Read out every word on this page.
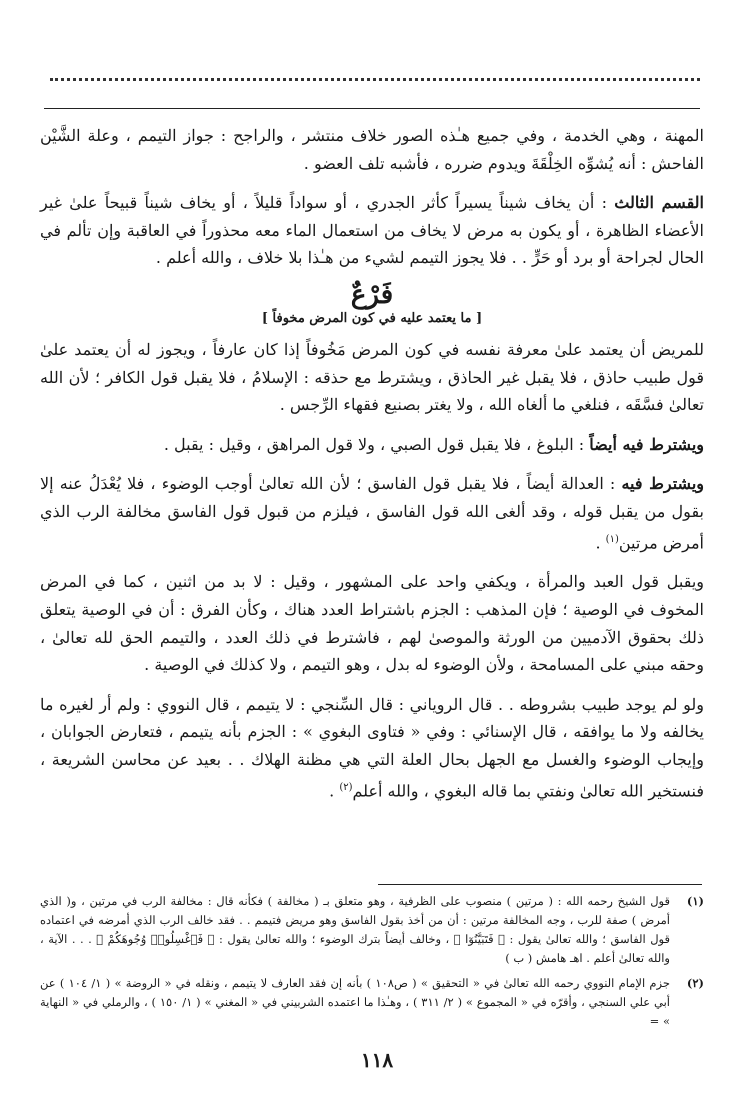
المهنة ، وهي الخدمة ، وفي جميع هـٰذه الصور خلاف منتشر ، والراجح : جواز التيمم ، وعلة الشَّيْن الفاحش : أنه يُشوِّه الخِلْقَةَ ويدوم ضرره ، فأشبه تلف العضو .

القسم الثالث : أن يخاف شيناً يسيراً كأثر الجدري ، أو سواداً قليلاً ، أو يخاف شيناً قبيحاً علىٰ غير الأعضاء الظاهرة ، أو يكون به مرض لا يخاف من استعمال الماء معه محذوراً في العاقبة وإن تألم في الحال لجراحة أو برد أو حَرٍّ . . فلا يجوز التيمم لشيء من هـٰذا بلا خلاف ، والله أعلم .

فَرْعٌ
[ ما يعتمد عليه في كون المرض مخوفاً ]

للمريض أن يعتمد علىٰ معرفة نفسه في كون المرض مَخُوفاً إذا كان عارفاً ، ويجوز له أن يعتمد علىٰ قول طبيب حاذق ، فلا يقبل غير الحاذق ، ويشترط مع حذقه : الإسلامُ ، فلا يقبل قول الكافر ؛ لأن الله تعالىٰ فسَّقَه ، فنلغي ما ألغاه الله ، ولا يغتر بصنيع فقهاء الرِّجس .

ويشترط فيه أيضاً : البلوغ ، فلا يقبل قول الصبي ، ولا قول المراهق ، وقيل : يقبل .

ويشترط فيه : العدالة أيضاً ، فلا يقبل قول الفاسق ؛ لأن الله تعالىٰ أوجب الوضوء ، فلا يُعْدَلُ عنه إلا بقول من يقبل قوله ، وقد ألغى الله قول الفاسق ، فيلزم من قبول قول الفاسق مخالفة الرب الذي أمرض مرتين$^{(١)}$ .

ويقبل قول العبد والمرأة ، ويكفي واحد على المشهور ، وقيل : لا بد من اثنين ، كما في المرض المخوف في الوصية ؛ فإن المذهب : الجزم باشتراط العدد هناك ، وكأن الفرق : أن في الوصية يتعلق ذلك بحقوق الآدميين من الورثة والموصىٰ لهم ، فاشترط في ذلك العدد ، والتيمم الحق لله تعالىٰ ، وحقه مبني على المسامحة ، ولأن الوضوء له بدل ، وهو التيمم ، ولا كذلك في الوصية .

ولو لم يوجد طبيب بشروطه . . قال الروياني : قال السِّنجي : لا يتيمم ، قال النووي : ولم أر لغيره ما يخالفه ولا ما يوافقه ، قال الإسنائي : وفي « فتاوى البغوي » : الجزم بأنه يتيمم ، فتعارض الجوابان ، وإيجاب الوضوء والغسل مع الجهل بحال العلة التي هي مظنة الهلاك . . بعيد عن محاسن الشريعة ، فنستخير الله تعالىٰ ونفتي بما قاله البغوي ، والله أعلم$^{(٢)}$ .

(١)
قول الشيخ رحمه الله : ( مرتين ) منصوب على الظرفية ، وهو متعلق بـ ( مخالفة ) فكأنه قال : مخالفة الرب في مرتين ، و( الذي أمرض ) صفة للرب ، وجه المخالفة مرتين : أن من أخذ بقول الفاسق وهو مريض فتيمم . . فقد خالف الرب الذي أمرضه في اعتماده قول الفاسق ؛ والله تعالىٰ يقول : ﴿ فَتَبَيَّنُوٓا ﴾ ، وخالف أيضاً بترك الوضوء ؛ والله تعالىٰ يقول : ﴿ فَٱغْسِلُوا۟ وُجُوهَكُمْ ﴾ . . . الآية ، والله تعالىٰ أعلم . اهـ هامش ( ب )
(٢)
جزم الإمام النووي رحمه الله تعالىٰ في « التحقيق » ( ص١٠٨ ) بأنه إن فقد العارف لا يتيمم ، ونقله في « الروضة » ( ١/ ١٠٤ ) عن أبي علي السنجي ، وأقرّه في « المجموع » ( ٢/ ٣١١ ) ، وهـٰذا ما اعتمده الشربيني في « المغني » ( ١/ ١٥٠ ) ، والرملي في « النهاية » =
١١٨
